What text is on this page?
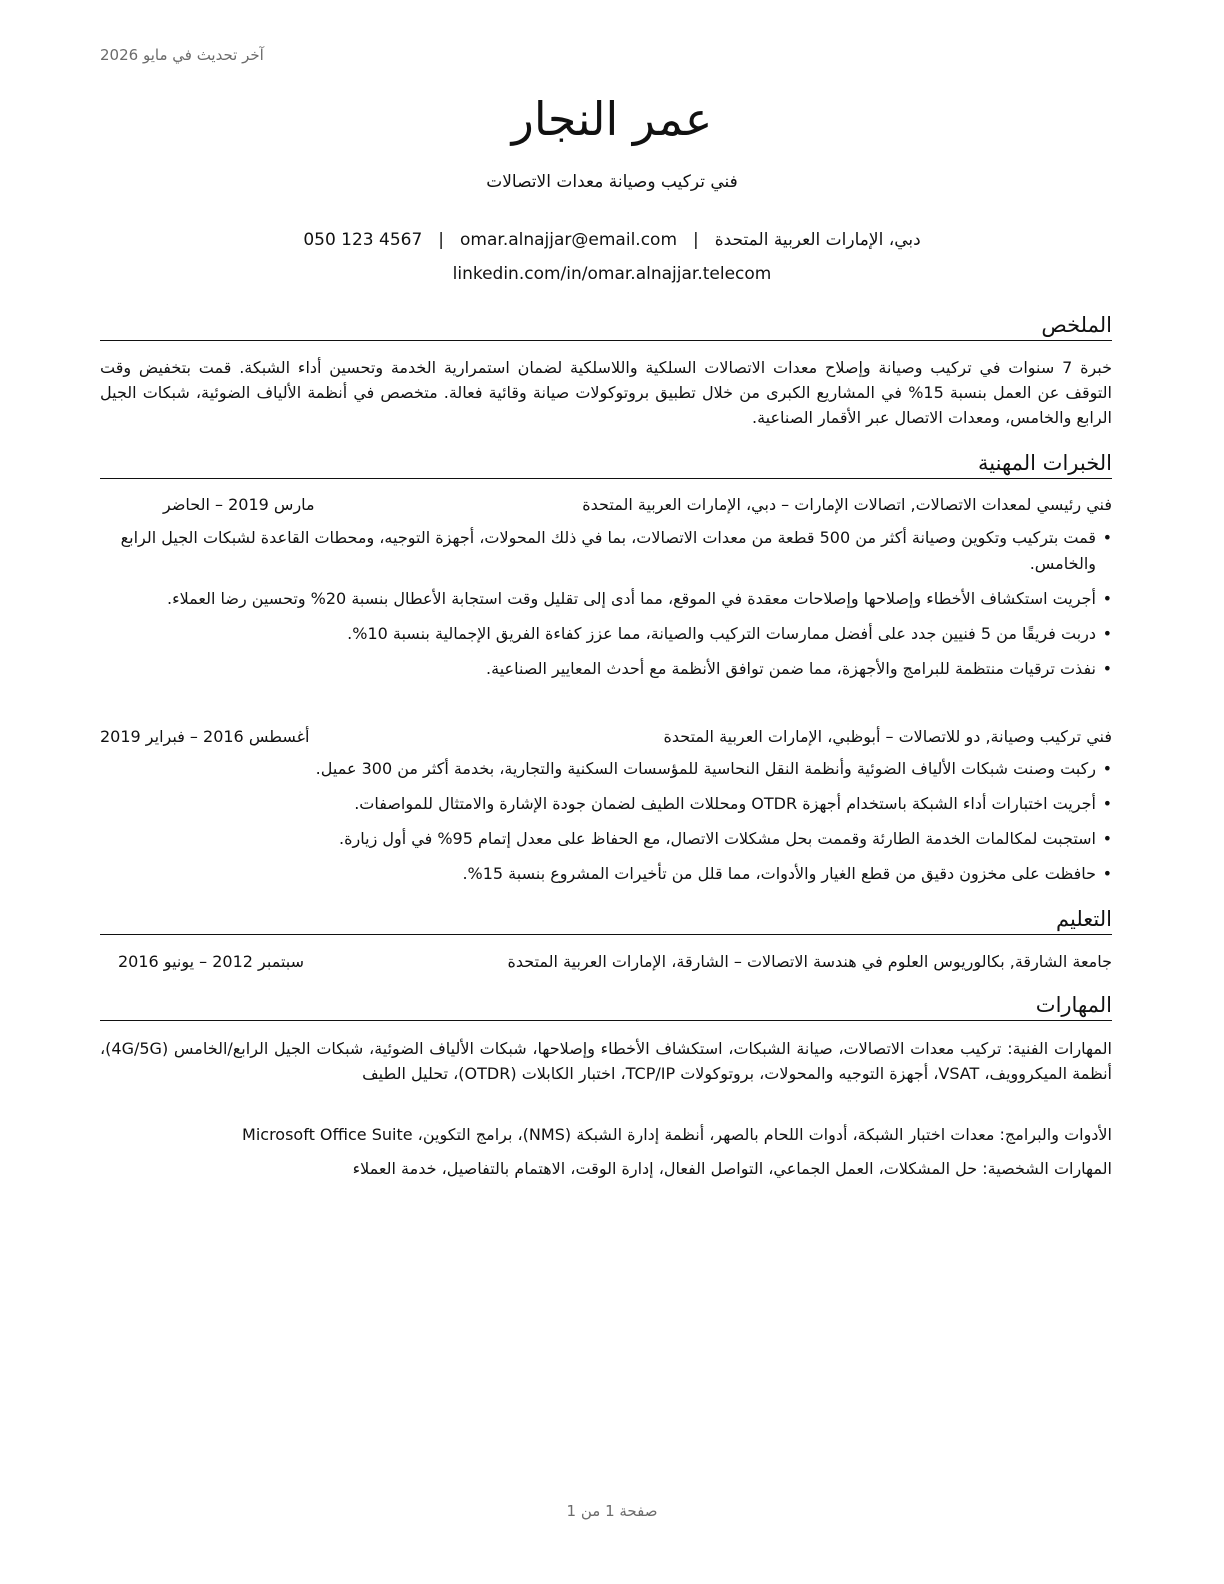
آخر تحديث في مايو 2026
عمر النجار

فني تركيب وصيانة معدات الاتصالات

دبي، الإمارات العربية المتحدة|omar.alnajjar@email.com|050 123 4567
linkedin.com/in/omar.alnajjar.telecom
الملخص

خبرة 7 سنوات في تركيب وصيانة وإصلاح معدات الاتصالات السلكية واللاسلكية لضمان استمرارية الخدمة وتحسين أداء الشبكة. قمت بتخفيض وقت التوقف عن العمل بنسبة 15% في المشاريع الكبرى من خلال تطبيق بروتوكولات صيانة وقائية فعالة. متخصص في أنظمة الألياف الضوئية، شبكات الجيل الرابع والخامس، ومعدات الاتصال عبر الأقمار الصناعية.

الخبرات المهنية
فني رئيسي لمعدات الاتصالات, اتصالات الإمارات – دبي، الإمارات العربية المتحدة
مارس 2019 – الحاضر
• قمت بتركيب وتكوين وصيانة أكثر من 500 قطعة من معدات الاتصالات، بما في ذلك المحولات، أجهزة التوجيه، ومحطات القاعدة لشبكات الجيل الرابع والخامس.
• أجريت استكشاف الأخطاء وإصلاحها وإصلاحات معقدة في الموقع، مما أدى إلى تقليل وقت استجابة الأعطال بنسبة 20% وتحسين رضا العملاء.
• دربت فريقًا من 5 فنيين جدد على أفضل ممارسات التركيب والصيانة، مما عزز كفاءة الفريق الإجمالية بنسبة 10%.
• نفذت ترقيات منتظمة للبرامج والأجهزة، مما ضمن توافق الأنظمة مع أحدث المعايير الصناعية.
فني تركيب وصيانة, دو للاتصالات – أبوظبي، الإمارات العربية المتحدة
أغسطس 2016 – فبراير 2019
• ركبت وصنت شبكات الألياف الضوئية وأنظمة النقل النحاسية للمؤسسات السكنية والتجارية، بخدمة أكثر من 300 عميل.
• أجريت اختبارات أداء الشبكة باستخدام أجهزة OTDR ومحللات الطيف لضمان جودة الإشارة والامتثال للمواصفات.
• استجبت لمكالمات الخدمة الطارئة وقممت بحل مشكلات الاتصال، مع الحفاظ على معدل إتمام 95% في أول زيارة.
• حافظت على مخزون دقيق من قطع الغيار والأدوات، مما قلل من تأخيرات المشروع بنسبة 15%.
التعليم
جامعة الشارقة, بكالوريوس العلوم في هندسة الاتصالات – الشارقة، الإمارات العربية المتحدة
سبتمبر 2012 – يونيو 2016
المهارات
المهارات الفنية: تركيب معدات الاتصالات، صيانة الشبكات، استكشاف الأخطاء وإصلاحها، شبكات الألياف الضوئية، شبكات الجيل الرابع/الخامس (4G/5G)، أنظمة الميكروويف، VSAT، أجهزة التوجيه والمحولات، بروتوكولات TCP/IP، اختبار الكابلات (OTDR)، تحليل الطيف
الأدوات والبرامج: معدات اختبار الشبكة، أدوات اللحام بالصهر، أنظمة إدارة الشبكة (NMS)، برامج التكوين، Microsoft Office Suite
المهارات الشخصية: حل المشكلات، العمل الجماعي، التواصل الفعال، إدارة الوقت، الاهتمام بالتفاصيل، خدمة العملاء
صفحة 1 من 1
